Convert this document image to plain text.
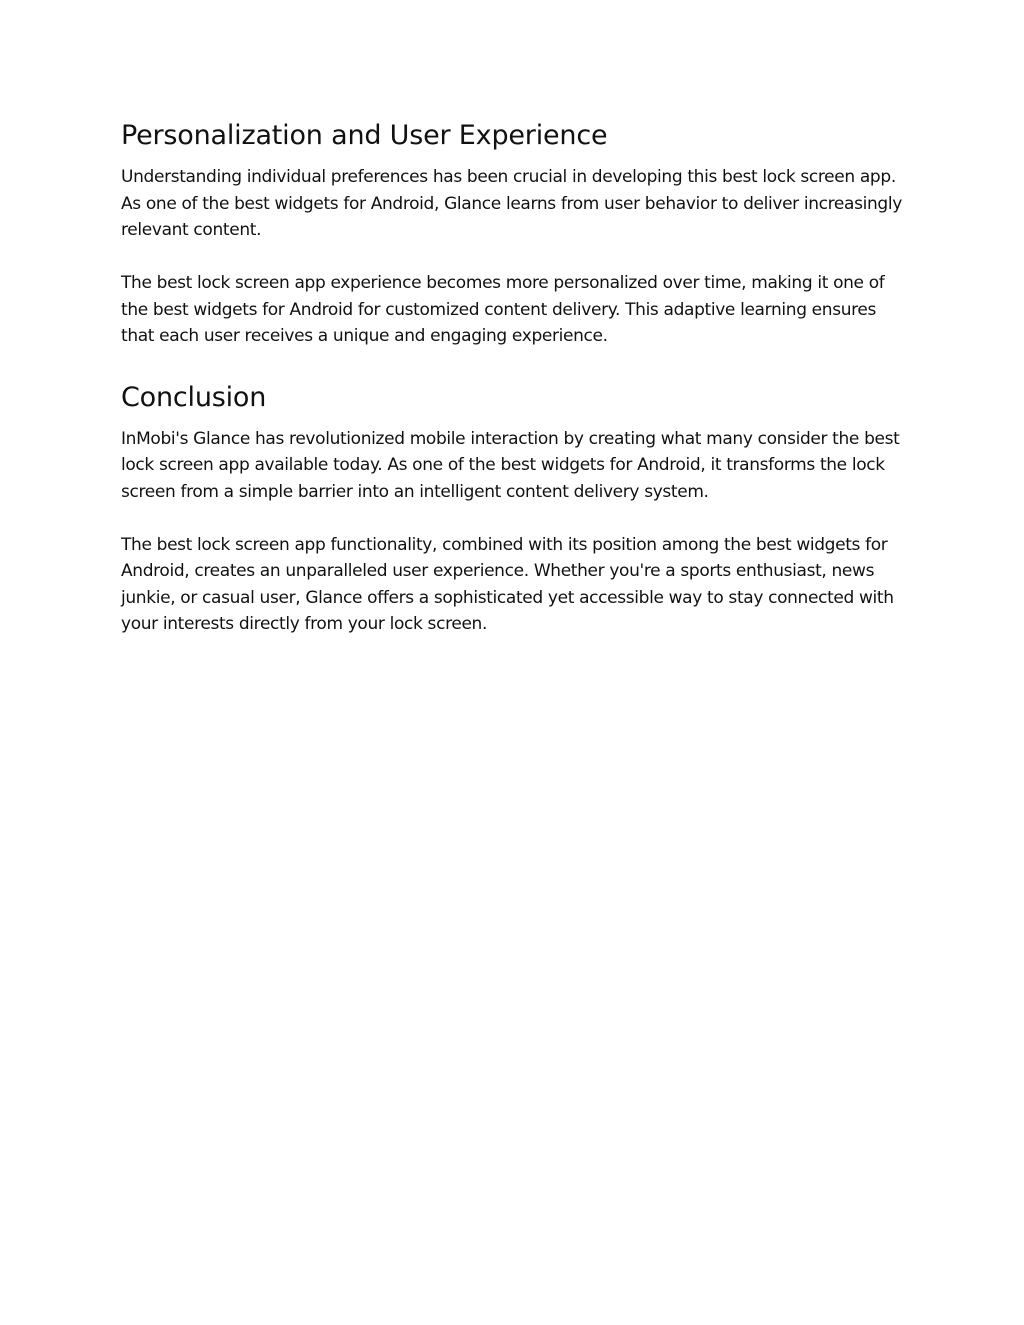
Personalization and User Experience

Understanding individual preferences has been crucial in developing this best lock screen app. As one of the best widgets for Android, Glance learns from user behavior to deliver increasingly relevant content.

The best lock screen app experience becomes more personalized over time, making it one of the best widgets for Android for customized content delivery. This adaptive learning ensures that each user receives a unique and engaging experience.

Conclusion

InMobi's Glance has revolutionized mobile interaction by creating what many consider the best lock screen app available today. As one of the best widgets for Android, it transforms the lock screen from a simple barrier into an intelligent content delivery system.

The best lock screen app functionality, combined with its position among the best widgets for Android, creates an unparalleled user experience. Whether you're a sports enthusiast, news junkie, or casual user, Glance offers a sophisticated yet accessible way to stay connected with your interests directly from your lock screen.
